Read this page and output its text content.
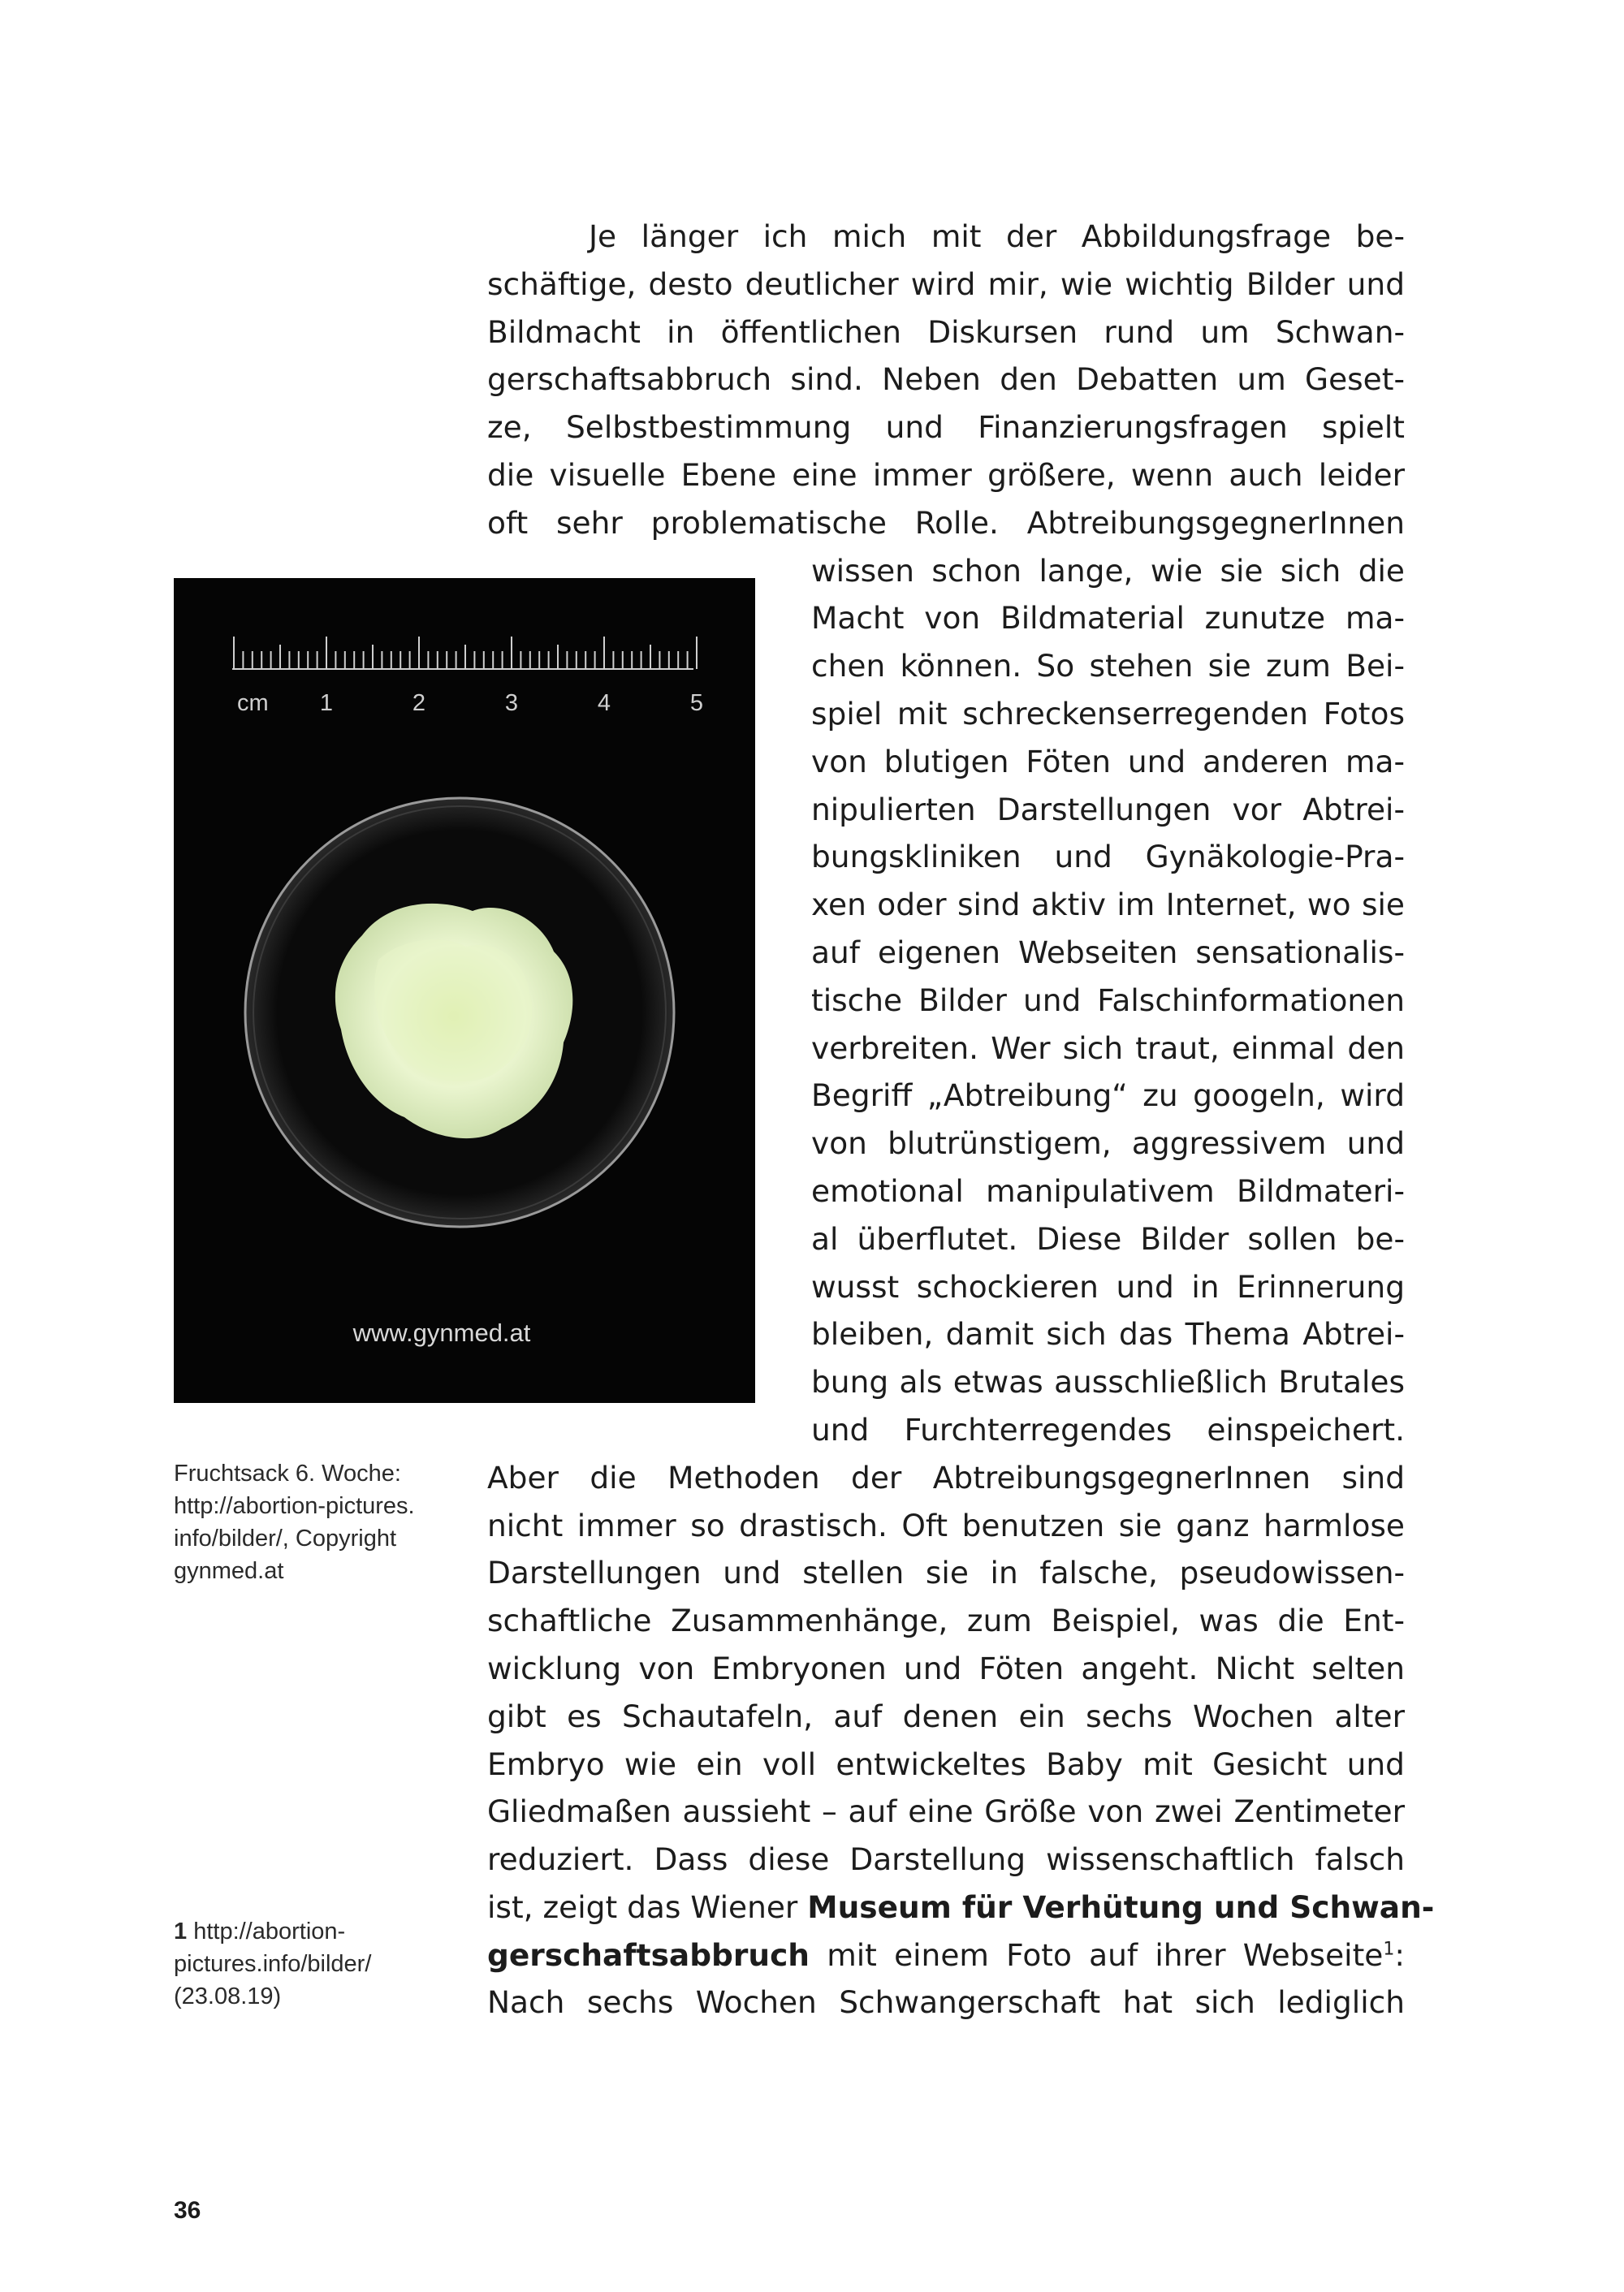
Je länger ich mich mit der Abbildungsfrage be-
schäftige, desto deutlicher wird mir, wie wichtig Bilder und
Bildmacht in öffentlichen Diskursen rund um Schwan-
gerschaftsabbruch sind. Neben den Debatten um Geset-
ze, Selbstbestimmung und Finanzierungsfragen spielt
die visuelle Ebene eine immer größere, wenn auch leider
oft sehr problematische Rolle. AbtreibungsgegnerInnen
wissen schon lange, wie sie sich die
Macht von Bildmaterial zunutze ma-
chen können. So stehen sie zum Bei-
spiel mit schreckenserregenden Fotos
von blutigen Föten und anderen ma-
nipulierten Darstellungen vor Abtrei-
bungskliniken und Gynäkologie-Pra-
xen oder sind aktiv im Internet, wo sie
auf eigenen Webseiten sensationalis-
tische Bilder und Falschinformationen
verbreiten. Wer sich traut, einmal den
Begriff „Abtreibung“ zu googeln, wird
von blutrünstigem, aggressivem und
emotional manipulativem Bildmateri-
al überflutet. Diese Bilder sollen be-
wusst schockieren und in Erinnerung
bleiben, damit sich das Thema Abtrei-
bung als etwas ausschließlich Brutales
und Furchterregendes einspeichert.
Aber die Methoden der AbtreibungsgegnerInnen sind
nicht immer so drastisch. Oft benutzen sie ganz harmlose
Darstellungen und stellen sie in falsche, pseudowissen-
schaftliche Zusammenhänge, zum Beispiel, was die Ent-
wicklung von Embryonen und Föten angeht. Nicht selten
gibt es Schautafeln, auf denen ein sechs Wochen alter
Embryo wie ein voll entwickeltes Baby mit Gesicht und
Gliedmaßen aussieht – auf eine Größe von zwei Zentimeter
reduziert. Dass diese Darstellung wissenschaftlich falsch
ist, zeigt das Wiener Museum für Verhütung und Schwan-
gerschaftsabbruch mit einem Foto auf ihrer Webseite$^1$:
Nach sechs Wochen Schwangerschaft hat sich lediglich
cm 1	2	3	4	5
www.gynmed.at
Fruchtsack 6. Woche: http://abortion-pictures. info/bilder/, Copyright gynmed.at
1 http://abortion-pictures.info/bilder/ (23.08.19)
36
